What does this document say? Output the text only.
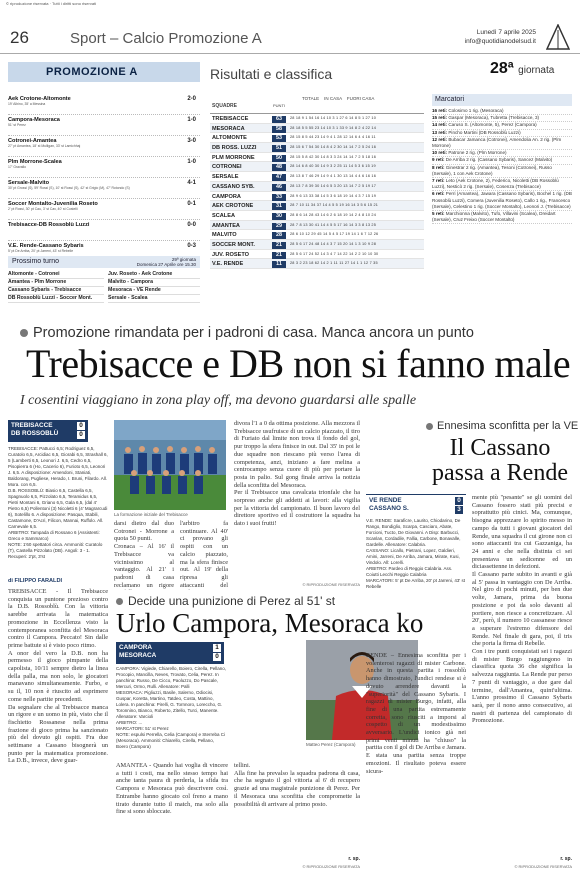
© riproduzione riservata · Tutti i diritti sono riservati
26	Sport – Calcio Promozione A	Lunedì 7 aprile 2025
info@quotidianodelsud.it
PROMOZIONE A	Risultati e classifica	28ª giornata
Aek Crotone-Altomonte	2-0
19' Albino, 35' a Messina
Campora-Mesoraca	1-0
51' st Perez
Cotronei-Amantea	3-0
27' pt Amantea, 18' st Mulligan, 33' st Lamichhaj
Plm Morrone-Scalea	1-0
17' Gravallo
Sersale-Malvito	4-1
30' pt Grossi (S), 59' Rossi (S), 10' st Rossi (S), 42' st Grigio (M), 47' Rotondo (S)
Soccer Montalto-Juvenilia Roseto	0-1
2' pt Rossi, 30' pt Cau, 3' st Cav, 40' st Costelli
Trebisacce-DB Rossoblù Luzzi	0-0
V.E. Rende-Cassano Sybaris	0-3
5' pt De Arriba, 20' pt Jarreni, 43' st Rebelle
Prossimo turno	29ª giornata
Domenica 27 Aprile ore 15.30
Altomonte - Cotronei
Amantea - Plm Morrone
Cassano Sybaris - Trebisacce
DB Rossoblù Luzzi - Soccer Mont.
Juv. Roseto - Aek Crotone
Malvito - Campora
Mesoraca - VE Rende
Sersale - Scalea
SQUADRE	PUNTI
TOTALE    IN CASA    FUORI CASA
TREBISACCE	63	28 18 9 1 54 16 14 10 3 1 27 6 14 8 5 1 27 10
MESORACA	58	28 18 5 5 55 23 14 10 3 1 33 9 14 8 2 4 22 14
ALTOMONTE	53	28 15 8 5 44 23 14 9 4 1 28 12 14 6 4 4 16 11
DB ROSS. LUZZI	51	28 15 6 7 54 30 14 8 4 2 30 14 14 7 2 5 24 16
PLM MORRONE	50	28 15 5 8 42 30 14 8 3 3 24 14 14 7 2 5 18 16
COTRONEI	48	28 14 6 8 40 30 14 9 3 2 25 11 14 5 3 6 15 19
SERSALE	47	28 13 8 7 46 29 14 9 4 1 30 13 14 4 4 6 16 16
CASSANO SYB.	46	28 13 7 8 39 30 14 6 5 3 20 13 14 7 2 5 19 17
CAMPORA	33	28 9 6 13 33 38 14 5 3 6 18 19 14 4 3 7 15 19
AEK CROTONE	31	28 7 10 11 34 37 14 4 5 5 19 16 14 3 5 6 15 21
SCALEA	30	28 8 6 14 28 43 14 6 2 6 18 19 14 2 4 8 10 24
AMANTEA	29	28 7 8 13 30 41 14 4 5 5 17 16 14 3 3 8 13 25
MALVITO	28	28 6 10 12 29 45 14 5 4 5 17 19 14 1 6 7 12 26
SOCCER MONT.	21	28 5 6 17 24 48 14 4 3 7 15 20 14 1 3 10 9 28
JUV. ROSETO	21	28 5 6 17 24 52 14 3 4 7 14 22 14 2 2 10 10 30
V.E. RENDE	11	28 3 2 23 18 62 14 2 1 11 11 27 14 1 1 12 7 35
Marcatori
16 reti: Colosimo 1 rig. (Mesoraca)
15 reti: Gaspar (Mesoraca), Tubretta (Trebisacce, 3)
14 reti: Caruso S. (Altomonte, 5), Perez (Campora)
13 reti: Pincho Martini (DB Rossoblù Luzzi)
12 reti: Bubacar Jamanca (Cotronei), Amendolia An. 2 rig. (Plm Morrone)
10 reti: Patrone 2 rig. (Plm Morrone)
9 reti: De Arriba 2 rig. (Cassano Sybaris), Sancez (Malvito)
8 reti: Ginestrar 2 rig. (Amantea), Tesoni (Cotronei), Russo (Sersale), 1 con Aek Crotone)
7 reti: Leto (Aek Crotone, 2), Federico, Nicoletti (DB Rossoblù Luzzi), Nesticò 2 rig. (Sersale), Cosenza (Trebisacce)
6 reti: Perri (Amantea), Jawara (Cassano Sybaris), Bochel 1 rig. (DB Rossoblù Luzzi), Comera (Juvenilia Roseto), Callo 1 rig., Francesco (Sersale), Celestino 1 rig. (Soccer Montalto), Leonori J. (Trebisacce)
5 reti: Marchionna (Malvito), Tufo, Villavini (Scalea), Dreidart (Sersale), Cruz Freixo (Soccer Montalto)
Promozione rimandata per i padroni di casa. Manca ancora un punto
Trebisacce e DB non si fanno male
I cosentini viaggiano in zona play off, ma devono guardarsi alle spalle
TREBISACCE	0
DB ROSSOBLÙ	0
TREBISACCE: Pattucci 6,5; Rodriguez 6,5, Curatolo 6,5, Arcidiac 6,5, Giorabi 6,5, Strashall 6, 5 (Lamberti 6,5, Leonori J. 6,5, Cedro 6,5, Pisopierra 6 (Ho, Cacerio 6), Furioto 6,5, Leonori J. 6,5. A disposizione: Amendoni, Staniati, Baldorang, Pugliese, Herado, I. Bruni, Filardo. All. Mora. con 6,5.
D.B. ROSSOBLÙ: Biasio 6,5, Castella 6,5, Spagnuolo 6,5, Pizzolato 6,5, Teramidus 6,5, Pietri Montani 6, Griano 6,5, Gala 6,5, (dal 4' Pietro 6,5) Pollentoni (3) Nicoletti 6 (4' Magrarcudi 6), Sotelillo 6. A disposizione: Pasqua, Stabili, Castamone, D'Acri, Filicon, Mannai, Ruffolo. All. Carnevale 6,5.
ARBITRO: Tampada di Rossano 6 (Assistenti: Greco e Sammarco)
NOTE: 1'60 spettatori circa. Ammoniti: Curatolo (T), Castella Pizzolato (DB). Angoli: 3 - 1. Recuperi: 2'pt, 3'st
di FILIPPO FARALDI
TREBISACCE - Il Trebisacce conquista un puntone prezioso contro la D.B. Rossoblù. Con la vittoria sarebbe arrivata la matematica promozione in Eccellenza visto la contemporanea sconfitta del Mesoraca contro il Campora. Peccato! Sin dalle prime battute si è visto poco ritmo.
A onor del vero la D.B. non ha permesso il gioco pimpante della capolista, 10/11 sempre dietro la linea della palla, ma non solo, le giocatori manavano simultaneamente. Furbo, e su il, 10 non è riuscito ad esprimere come nelle partite precedenti.
Da segnalare che al Trebisacce manca un rigore e un uomo in più, visto che il fischietto Rossanese nella prima frazione di gioco prima ha sanzionato più del dovuto gli ospiti. Fra due settimane a Cassano bisognerà un punto per la matematica promozione. La D.B., invece, deve guar-
La formazione iniziale del Trebisacce
darsi dietro dal duo Cotronei - Morrone a quota 50 punti.
Cronaca – Al 16' il Trebisacce va vicinissimo al vantaggio. Al 21' i padroni di casa reclamano un rigore
l'arbitro fa continuare. Al 40' ci provano gli ospiti con un calcio piazzato, ma la sfera finisce out. Al 19' della ripresa gli attaccanti del
divora l'1 a 0 da ottima posizione. Alla mezzora il Trebisacce usufruisce di un calcio piazzato, il tiro di Furiato dal limite non trova il fondo del gol, pur troppo la sfera finisce in out. Dal 35' in poi le due squadre non riescano più verso l'area di competenza, anzi, iniziano a fare melina a centrocampo senza cuore di più per portare la posta in palio. Sul gong finale arriva la notizia della sconfitta del Mesoraca.
Per il Trebisacce una cavalcata trionfale che ha sorpreso anche gli addetti ai lavori: alla vigilia per la vittoria del campionato. Il buon lavoro del direttore sportivo ed il costruttore la squadra ha dato i suoi frutti!
© RIPRODUZIONE RISERVATA
Decide una punizione di Perez al 51' st
Urlo Campora, Mesoraca ko
CAMPORA	1
MESORACA	0
CAMPORA: Vigiede, Chiarello, Boiero, Cirella, Pellano, Procopio, Mancilla, Neves, Trovato, Celia, Perez. In panchina: Russo, De Cicco, Paoluzzo, Do Pascale, Mercuri, Ormo, Rulli. Allenatore: Palli
MESORACA: Pigliuzzi, Basile, Salerno, Odiocisi, Guspar, Koretta, Martino, Tatdeo, Costa, Mattino, Lolera. In panchina: Pirelli, G. Tornnoro, Loreccho, G. Toronnino, Bianco, Roberto, Zitello, Turci, Manente. Allenatore: Varcioli
ARBITRO: ...
MARCATORI: 51' st Perez
NOTE: espulsi Perrella, Celia (Campora) e Sterreba Ci (Mesoraca). Ammoniti: Chiarello, Cirella, Pellano, Boero (Campora)
AMANTEA - Quando hai voglia di vincere a tutti i costi, ma nello stesso tempo hai anche tanta paura di perderla, la sfida tra Campora e Mesoraca può descrivere così. Entrambe hanno giocato col freno a mano tirato durante tutto il match, ma solo alla fine si sono sbloccate.
Matteo Perez (Campora)
tellini.
Alla fine ha prevalso la squadra padrona di casa, che ha segnato il gol vittoria al 6' di recupero grazie ad una magistrale punizione di Perez. Per il Mesoraca una sconfitta che compromette la possibilità di arrivare al primo posto.
r. sp.
© RIPRODUZIONE RISERVATA
Ennesima sconfitta per la VE
Il Cassano passa a Rende
VE RENDE	0
CASSANO S.	3
V.E. RENDE: Saraficre, Laurito, Chiodarino, De Rango, Bondiglio, Scarpa, Casciaro, Abate, Forcioni, Tucto, De Giovanni. A Disp: Barbucci, Scanlan, Cordadile, Fallia, Carbone, Bonavalle, Gardelle. Allenatore: Calabria.
CASSANO: Licallo, Pietrani, Lopez, Galdieri, Amini, Jarreni, De Arriba, Jamara, Mirate, Kusi, Vindolo. All: Lorelli.
ARBITRO: Pardeo di Reggio Calabria. Ass. Coiutti Lecchi Reggio Calabria
MARCATORI: 5' pt De Arriba, 20' pt Jarreni, 43' st Rebelle
RENDE – Ennesima sconfitta per i volenterosi ragazzi di mister Carbone. Anche in questa partita i rossoblù hanno dimostrato, l'undici rendese si è dovuto arrendere davanti la "superiorità" del Cassano Sybaris. I ragazzi di mister Burgo, infatti, alla fine di una partita estremamente corretta, sono riusciti a imporsi al cospetto di un modestissimo avversario. L'undici ionico già nei primi venti minuti ha "chiuso" la partita con il gol di De Arriba e Jamara. E stata una partita senza troppe emozioni. Il risultato poteva essere sicura-
mente più "pesante" se gli uomini del Cassano fossero stati più precisi e soprattutto più cinici. Ma, comunque, bisogna apprezzare lo spirito messo in campo da tutti i giovani giocatori del Rende, una squadra il cui girone non ci sono attaccanti tra cui Gazzaniga, ha 24 anni e che nella distinta ci sei presentava un sedicenne ed un diciassettenne in defezioni.
Il Cassano parte subito in avanti e già al 5' passa in vantaggio con De Arriba. Nel giro di pochi minuti, per ben due volte, Jamara, prima da buona posizione e poi da solo davanti al portiere, non riesce a concretizzare. Al 20', però, il numero 10 cassanese riesce a superare l'estremo difensore del Rende. Nel finale di gara, poi, il tris che porta la firma di Rebelle.
Con i tre punti conquistati sei i ragazzi di mister Burgo raggiungono in classifica quota 36 che significa la salvezza raggiunta. La Rende pur perso 7 punti di vantaggio, a due gare dal termine, dall'Amantea, quint'ultima. L'anno prossimo il Cassano Sybaris sarà, per il nono anno consecutivo, ai nastri di partenza del campionato di Promozione.
r. sp.
© RIPRODUZIONE RISERVATA
